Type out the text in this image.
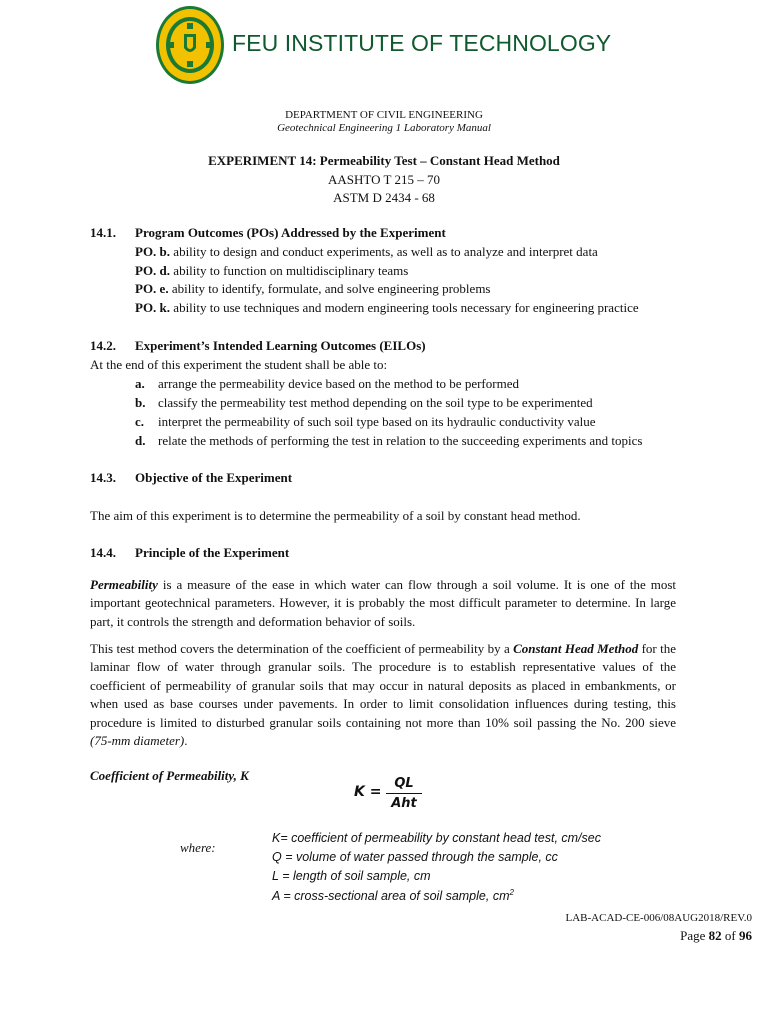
FEU INSTITUTE OF TECHNOLOGY
DEPARTMENT OF CIVIL ENGINEERING
Geotechnical Engineering 1 Laboratory Manual
EXPERIMENT 14: Permeability Test – Constant Head Method
AASHTO T 215 – 70
ASTM D 2434 - 68
14.1. Program Outcomes (POs) Addressed by the Experiment
PO. b. ability to design and conduct experiments, as well as to analyze and interpret data
PO. d. ability to function on multidisciplinary teams
PO. e. ability to identify, formulate, and solve engineering problems
PO. k. ability to use techniques and modern engineering tools necessary for engineering practice
14.2. Experiment’s Intended Learning Outcomes (EILOs)
At the end of this experiment the student shall be able to:
a. arrange the permeability device based on the method to be performed
b. classify the permeability test method depending on the soil type to be experimented
c. interpret the permeability of such soil type based on its hydraulic conductivity value
d. relate the methods of performing the test in relation to the succeeding experiments and topics
14.3. Objective of the Experiment
The aim of this experiment is to determine the permeability of a soil by constant head method.
14.4. Principle of the Experiment
Permeability is a measure of the ease in which water can flow through a soil volume. It is one of the most important geotechnical parameters. However, it is probably the most difficult parameter to determine. In large part, it controls the strength and deformation behavior of soils.
This test method covers the determination of the coefficient of permeability by a Constant Head Method for the laminar flow of water through granular soils. The procedure is to establish representative values of the coefficient of permeability of granular soils that may occur in natural deposits as placed in embankments, or when used as base courses under pavements. In order to limit consolidation influences during testing, this procedure is limited to disturbed granular soils containing not more than 10% soil passing the No. 200 sieve (75-mm diameter).
Coefficient of Permeability, K
K =
QL
Aht
where:
K= coefficient of permeability by constant head test, cm/sec
Q = volume of water passed through the sample, cc
L = length of soil sample, cm
A = cross-sectional area of soil sample, $cm^2$
LAB-ACAD-CE-006/08AUG2018/REV.0
Page 82 of 96
